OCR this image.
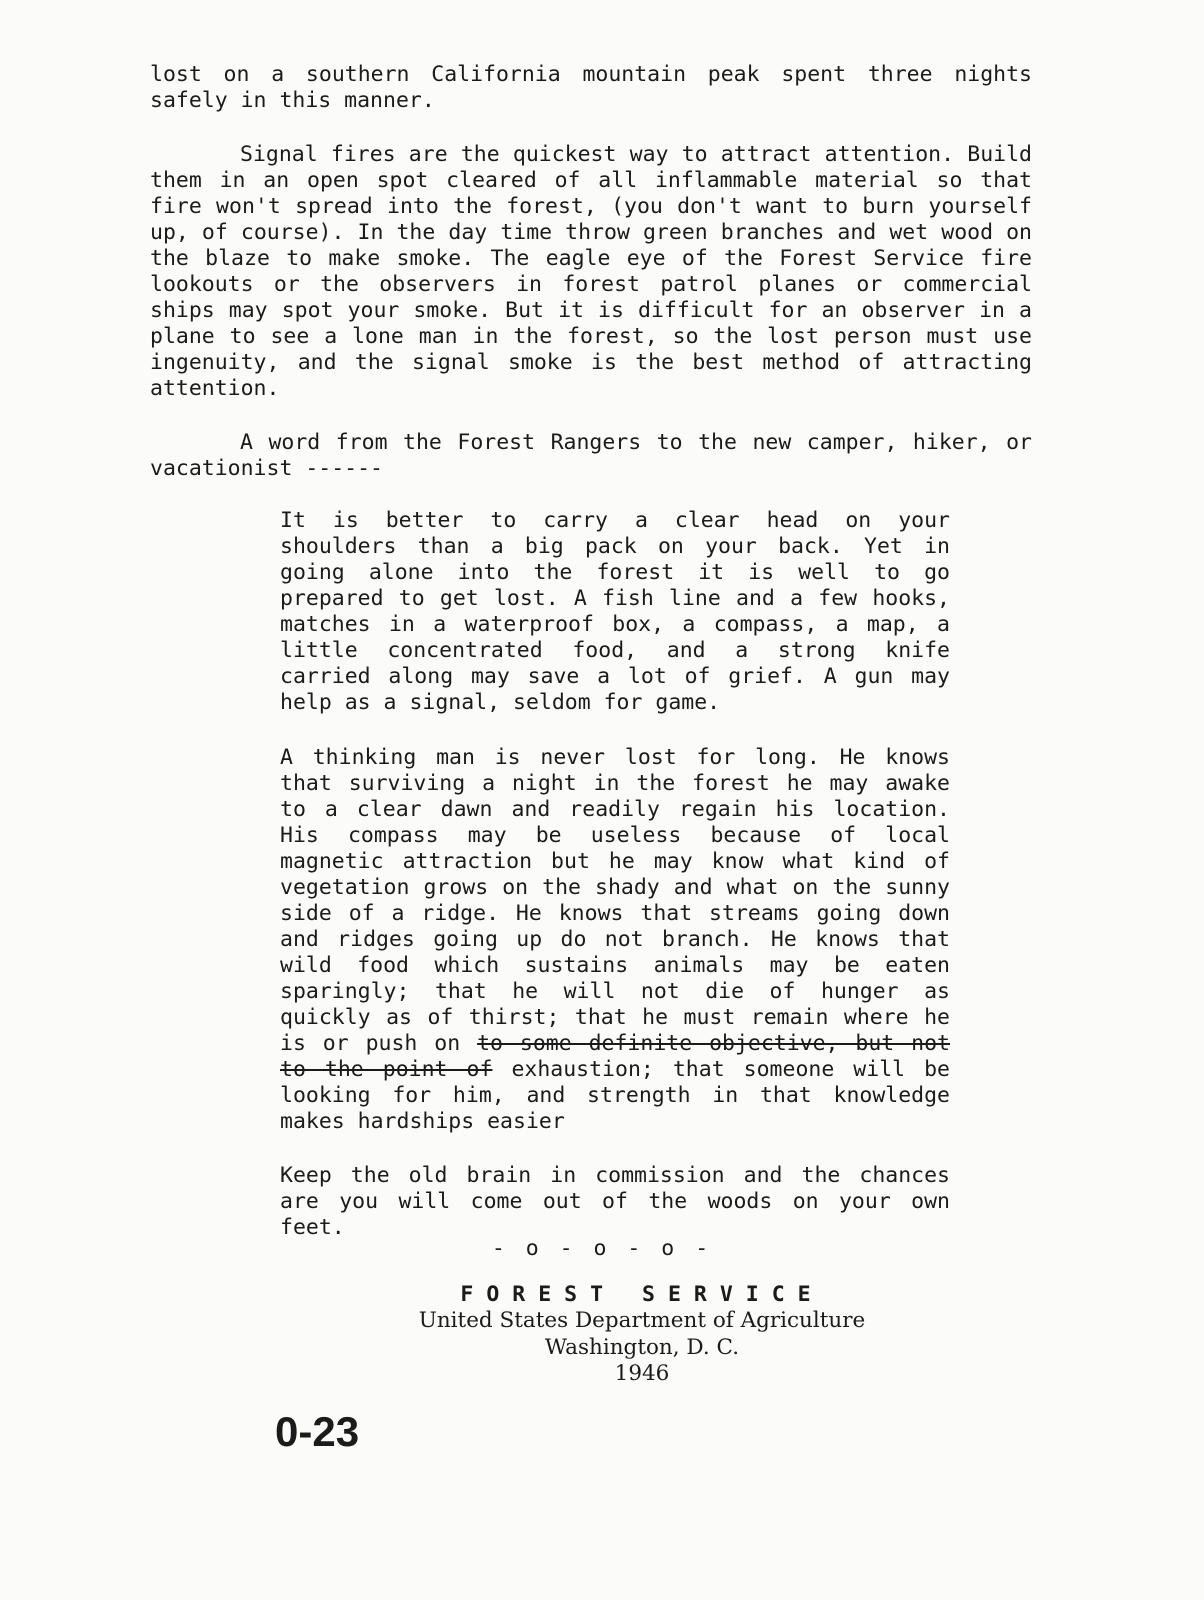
lost on a southern California mountain peak spent three nights safely in this manner.

Signal fires are the quickest way to attract attention. Build them in an open spot cleared of all inflammable material so that fire won't spread into the forest, (you don't want to burn yourself up, of course). In the day time throw green branches and wet wood on the blaze to make smoke. The eagle eye of the Forest Service fire lookouts or the observers in forest patrol planes or commercial ships may spot your smoke. But it is difficult for an observer in a plane to see a lone man in the forest, so the lost person must use ingenuity, and the signal smoke is the best method of attracting attention.

A word from the Forest Rangers to the new camper, hiker, or vacationist ------

It is better to carry a clear head on your shoulders than a big pack on your back. Yet in going alone into the forest it is well to go prepared to get lost. A fish line and a few hooks, matches in a waterproof box, a compass, a map, a little concentrated food, and a strong knife carried along may save a lot of grief. A gun may help as a signal, seldom for game.

A thinking man is never lost for long. He knows that surviving a night in the forest he may awake to a clear dawn and readily regain his location. His compass may be useless because of local magnetic attraction but he may know what kind of vegetation grows on the shady and what on the sunny side of a ridge. He knows that streams going down and ridges going up do not branch. He knows that wild food which sustains animals may be eaten sparingly; that he will not die of hunger as quickly as of thirst; that he must remain where he is or push on to some definite objective, but not to the point of exhaustion; that someone will be looking for him, and strength in that knowledge makes hardships easier

Keep the old brain in commission and the chances are you will come out of the woods on your own feet.

- o - o - o -
FOREST SERVICE
United States Department of Agriculture
Washington, D. C.
1946
0-23
